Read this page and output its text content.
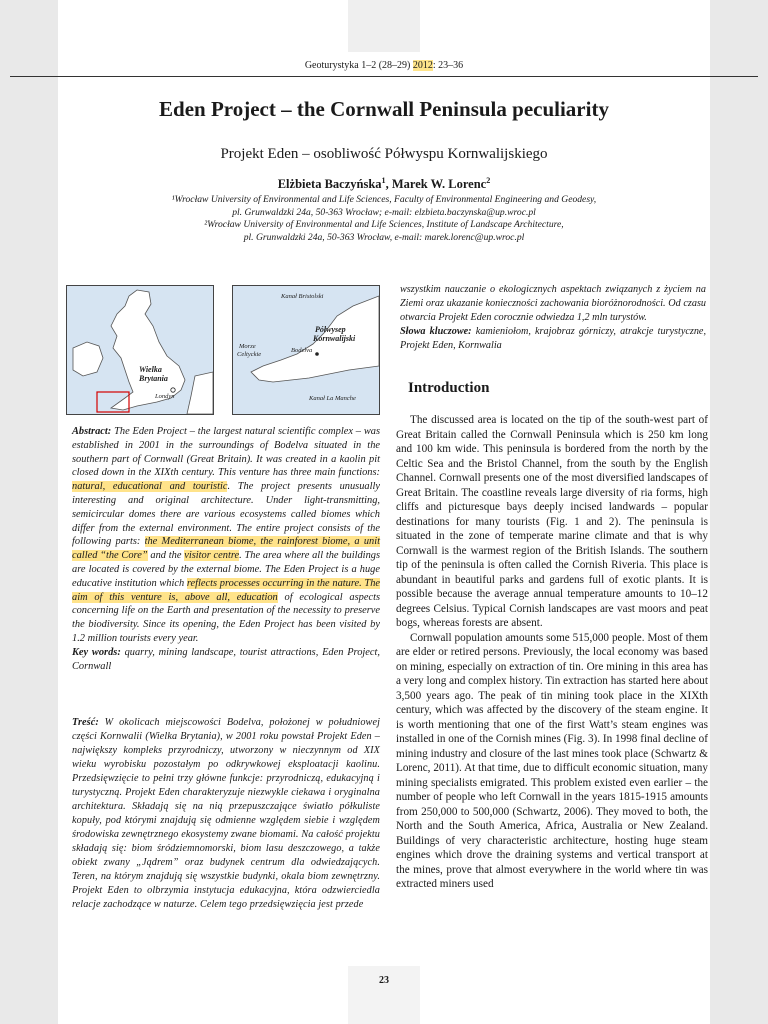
Geoturystyka 1–2 (28–29) 2012: 23–36
Eden Project – the Cornwall Peninsula peculiarity
Projekt Eden – osobliwość Półwyspu Kornwalijskiego
Elżbieta Baczyńska$^1$, Marek W. Lorenc$^2$
¹Wrocław University of Environmental and Life Sciences, Faculty of Environmental Engineering and Geodesy,
pl. Grunwaldzki 24a, 50-363 Wrocław; e-mail: elzbieta.baczynska@up.wroc.pl
²Wrocław University of Environmental and Life Sciences, Institute of Landscape Architecture,
pl. Grunwaldzki 24a, 50-363 Wrocław, e-mail: marek.lorenc@up.wroc.pl
Wielka
Brytania
Londyn
Kanał Bristolski
Półwysep
Kornwalijski
Morze
Celtyckie
Bodelva
Kanał La Manche
Abstract: The Eden Project – the largest natural scientific complex – was established in 2001 in the surroundings of Bodelva situated in the southern part of Cornwall (Great Britain). It was created in a kaolin pit closed down in the XIXth century. This venture has three main functions: natural, educational and touristic. The project presents unusually interesting and original architecture. Under light-transmitting, semicircular domes there are various ecosystems called biomes which differ from the external environment. The entire project consists of the following parts: the Mediterranean biome, the rainforest biome, a unit called “the Core” and the visitor centre. The area where all the buildings are located is covered by the external biome. The Eden Project is a huge educative institution which reflects processes occurring in the nature. The aim of this venture is, above all, education of ecological aspects concerning life on the Earth and presentation of the necessity to preserve the biodiversity. Since its opening, the Eden Project has been visited by 1.2 million tourists every year.
Key words: quarry, mining landscape, tourist attractions, Eden Project, Cornwall
Treść: W okolicach miejscowości Bodelva, położonej w południowej części Kornwalii (Wielka Brytania), w 2001 roku powstał Projekt Eden – największy kompleks przyrodniczy, utworzony w nieczynnym od XIX wieku wyrobisku pozostałym po odkrywkowej eksploatacji kaolinu. Przedsięwzięcie to pełni trzy główne funkcje: przyrodniczą, edukacyjną i turystyczną. Projekt Eden charakteryzuje niezwykle ciekawa i oryginalna architektura. Składają się na nią przepuszczające światło półkuliste kopuły, pod którymi znajdują się odmienne względem siebie i względem środowiska zewnętrznego ekosystemy zwane biomami. Na całość projektu składają się: biom śródziemnomorski, biom lasu deszczowego, a także obiekt zwany „Jądrem” oraz budynek centrum dla odwiedzających. Teren, na którym znajdują się wszystkie budynki, okala biom zewnętrzny. Projekt Eden to olbrzymia instytucja edukacyjna, która odzwierciedla relacje zachodzące w naturze. Celem tego przedsięwzięcia jest przede
wszystkim nauczanie o ekologicznych aspektach związanych z życiem na Ziemi oraz ukazanie konieczności zachowania bioróżnorodności. Od czasu otwarcia Projekt Eden corocznie odwiedza 1,2 mln turystów.
Słowa kluczowe: kamieniołom, krajobraz górniczy, atrakcje turystyczne, Projekt Eden, Kornwalia
Introduction

The discussed area is located on the tip of the south-west part of Great Britain called the Cornwall Peninsula which is 250 km long and 100 km wide. This peninsula is bordered from the north by the Celtic Sea and the Bristol Channel, from the south by the English Channel. Cornwall presents one of the most diversified landscapes of Great Britain. The coastline reveals large diversity of ria forms, high cliffs and picturesque bays deeply incised landwards – popular destinations for many tourists (Fig. 1 and 2). The peninsula is situated in the zone of temperate marine climate and that is why Cornwall is the warmest region of the British Islands. The southern tip of the peninsula is often called the Cornish Riveria. This place is abundant in beautiful parks and gardens full of exotic plants. It is possible because the average annual temperature amounts to 10–12 degrees Celsius. Typical Cornish landscapes are vast moors and peat bogs, whereas forests are absent.

Cornwall population amounts some 515,000 people. Most of them are elder or retired persons. Previously, the local economy was based on mining, especially on extraction of tin. Ore mining in this area has a very long and complex history. Tin extraction has started here about 3,500 years ago. The peak of tin mining took place in the XIXth century, which was affected by the discovery of the steam engine. It is worth mentioning that one of the first Watt’s steam engines was installed in one of the Cornish mines (Fig. 3). In 1998 final decline of mining industry and closure of the last mines took place (Schwartz & Lorenc, 2011). At that time, due to difficult economic situation, many mining specialists emigrated. This problem existed even earlier – the number of people who left Cornwall in the years 1815-1915 amounts from 250,000 to 500,000 (Schwartz, 2006). They moved to both, the North and the South America, Africa, Australia or New Zealand. Buildings of very characteristic architecture, hosting huge steam engines which drove the draining systems and vertical transport at the mines, prove that almost everywhere in the world where tin was extracted miners used

23
